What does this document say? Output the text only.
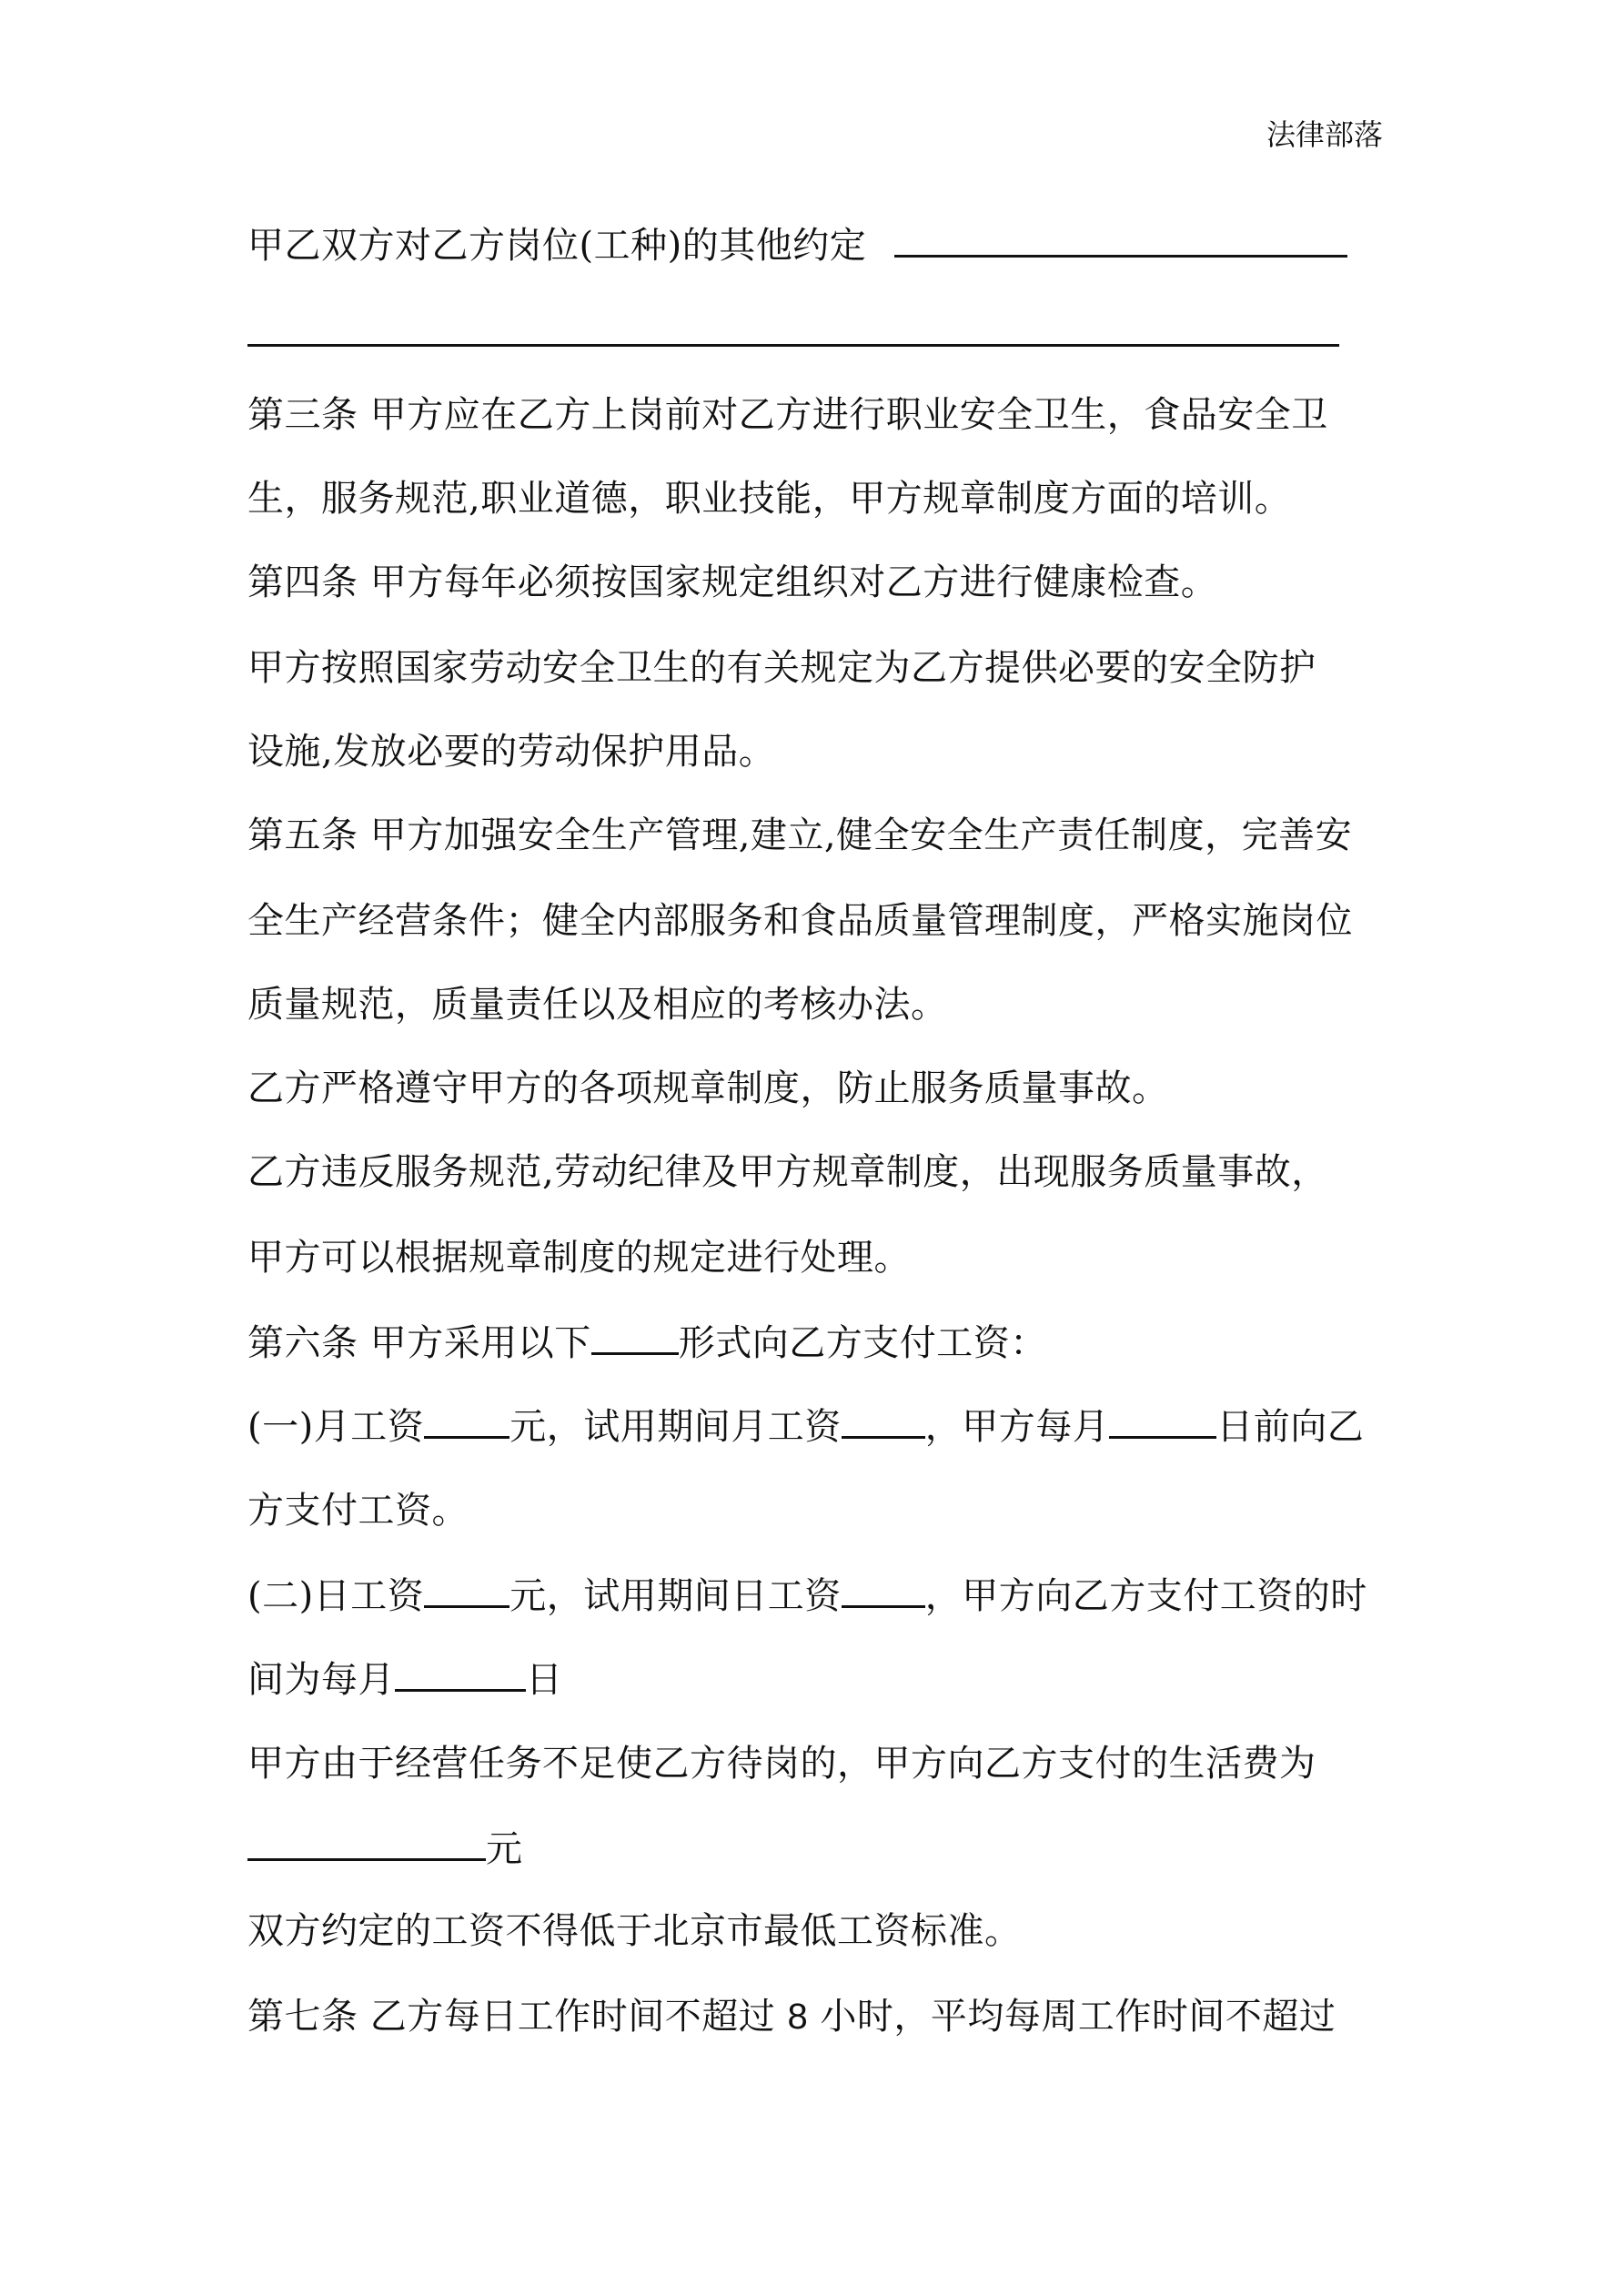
法律部落
甲乙双方对乙方岗位(工种)的其他约定
第三条 甲方应在乙方上岗前对乙方进行职业安全卫生，食品安全卫
生，服务规范,职业道德，职业技能，甲方规章制度方面的培训。
第四条 甲方每年必须按国家规定组织对乙方进行健康检查。
甲方按照国家劳动安全卫生的有关规定为乙方提供必要的安全防护
设施,发放必要的劳动保护用品。
第五条 甲方加强安全生产管理,建立,健全安全生产责任制度，完善安
全生产经营条件；健全内部服务和食品质量管理制度，严格实施岗位
质量规范，质量责任以及相应的考核办法。
乙方严格遵守甲方的各项规章制度，防止服务质量事故。
乙方违反服务规范,劳动纪律及甲方规章制度，出现服务质量事故，
甲方可以根据规章制度的规定进行处理。
第六条 甲方采用以下 形式向乙方支付工资：
(一)月工资 元，试用期间月工资 ，甲方每月	日前向乙
方支付工资。
(二)日工资 元，试用期间日工资 ，甲方向乙方支付工资的时
间为每月	日
甲方由于经营任务不足使乙方待岗的，甲方向乙方支付的生活费为
元
双方约定的工资不得低于北京市最低工资标准。
第七条 乙方每日工作时间不超过 8 小时，平均每周工作时间不超过
